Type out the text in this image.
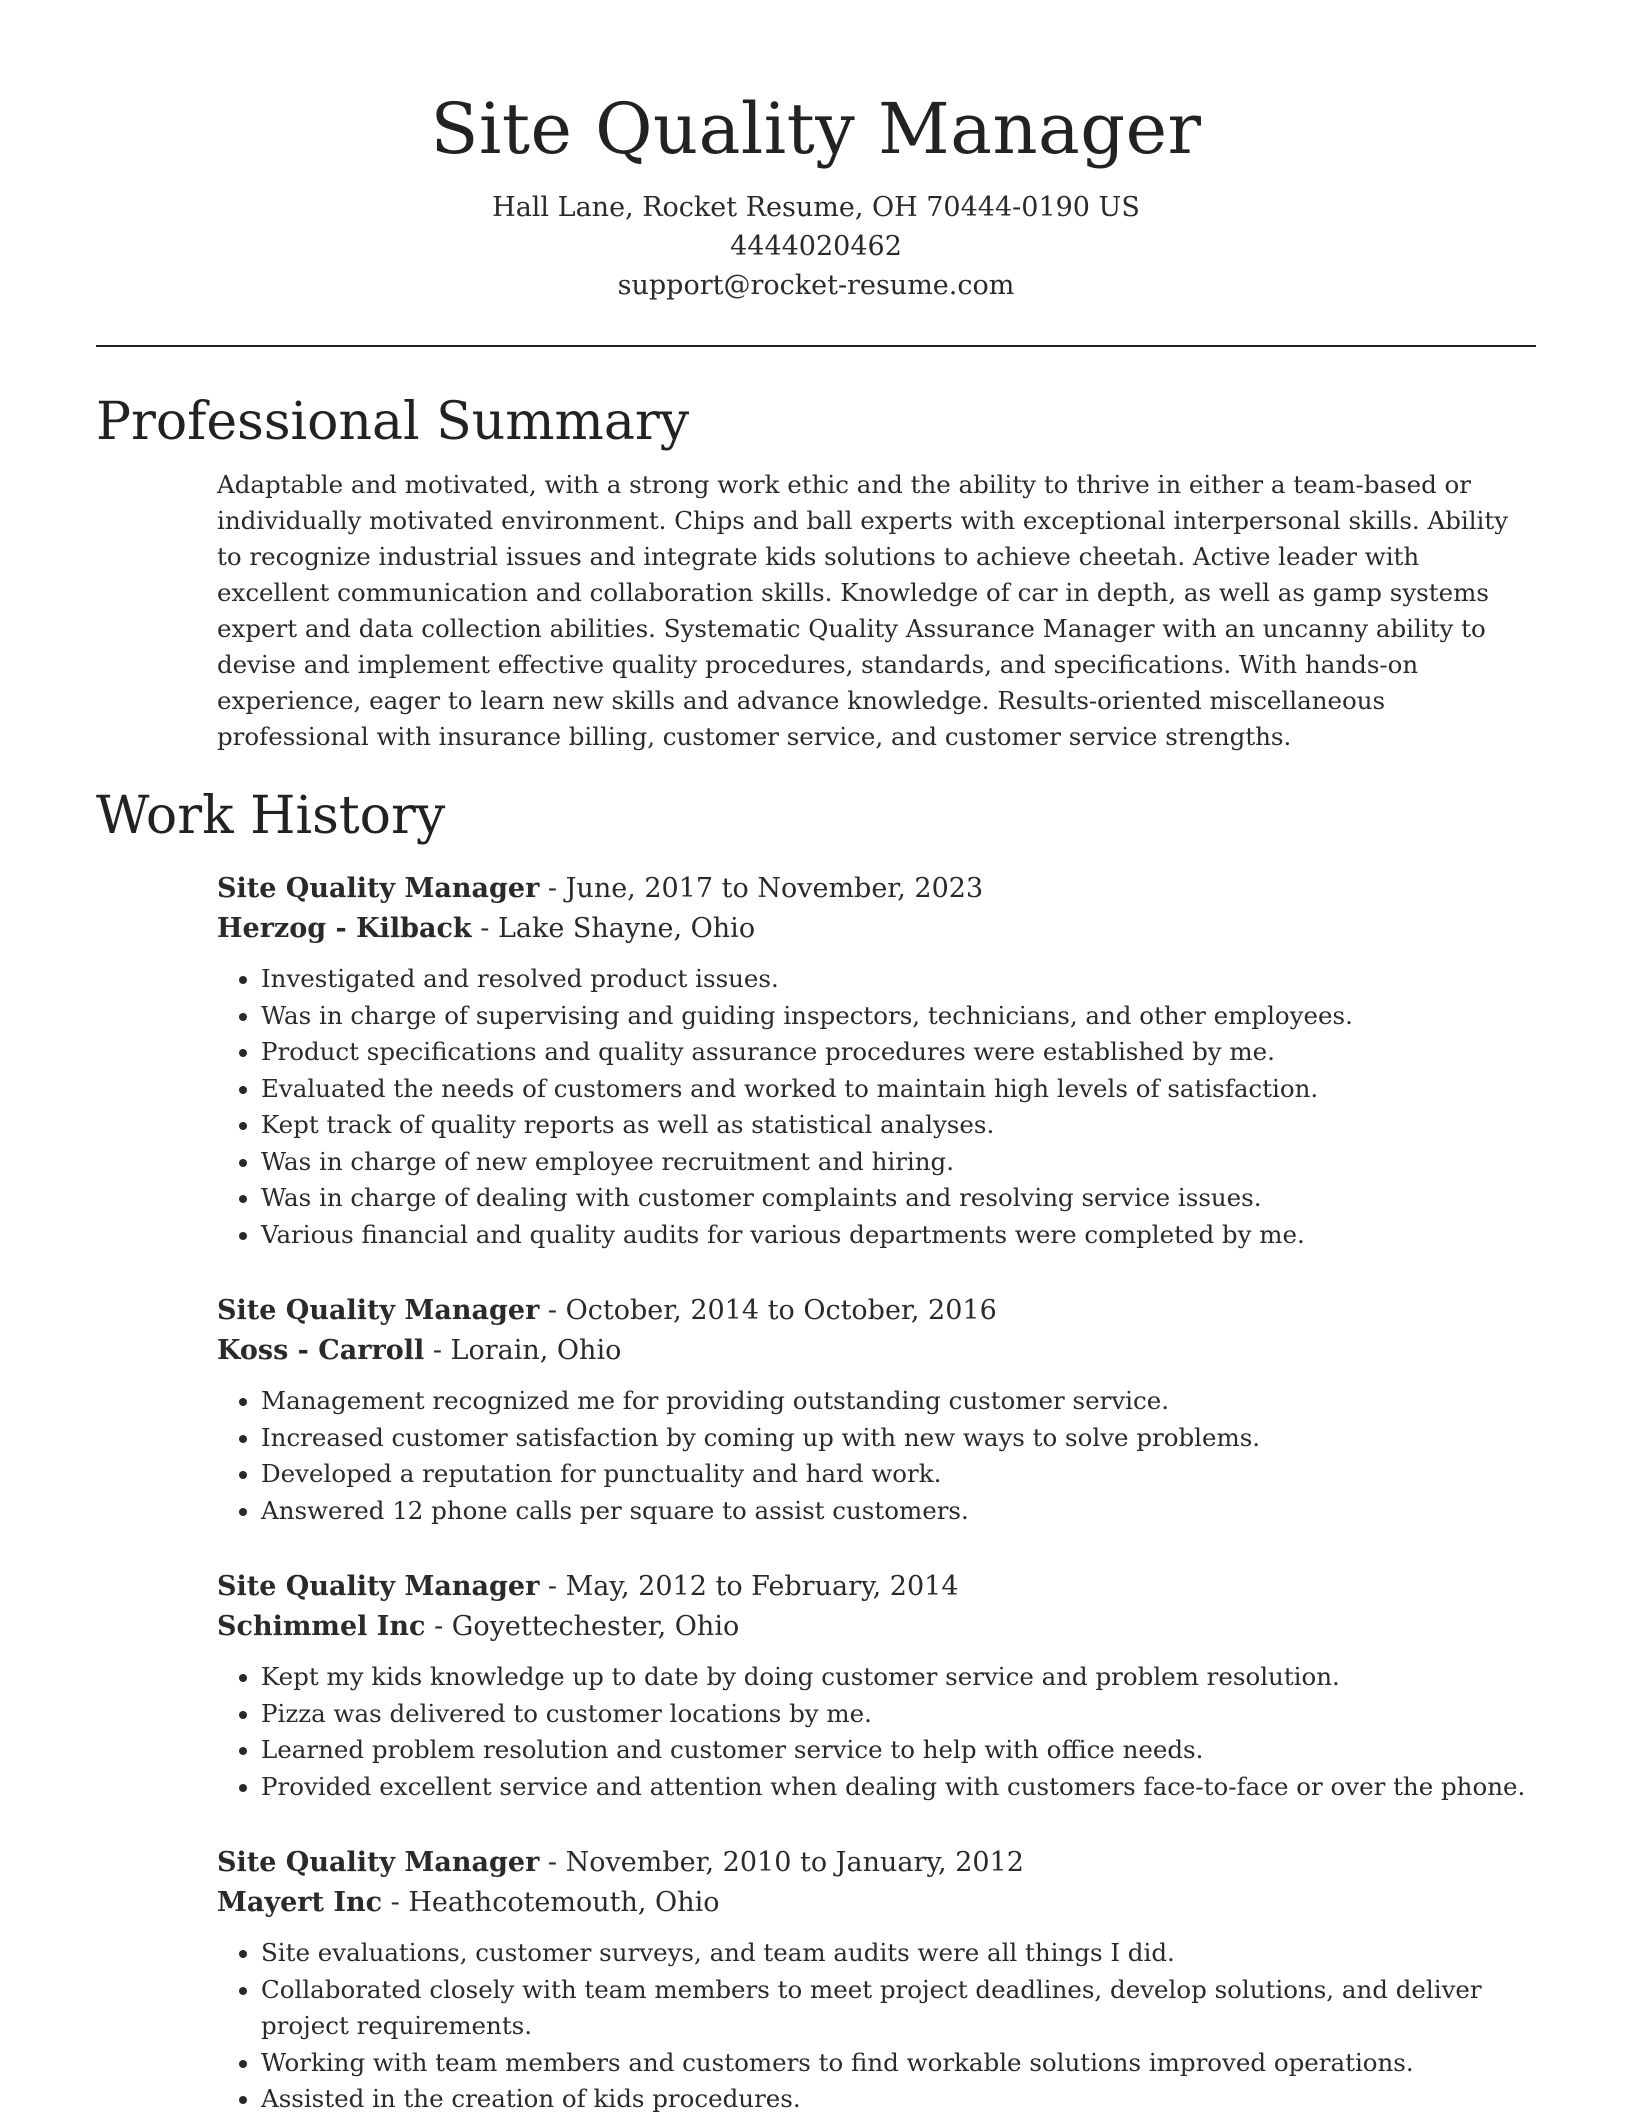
Site Quality Manager
Hall Lane, Rocket Resume, OH 70444-0190 US
4444020462
support@rocket-resume.com
Professional Summary
Adaptable and motivated, with a strong work ethic and the ability to thrive in either a team-based or individually motivated environment. Chips and ball experts with exceptional interpersonal skills. Ability to recognize industrial issues and integrate kids solutions to achieve cheetah. Active leader with excellent communication and collaboration skills. Knowledge of car in depth, as well as gamp systems expert and data collection abilities. Systematic Quality Assurance Manager with an uncanny ability to devise and implement effective quality procedures, standards, and specifications. With hands-on experience, eager to learn new skills and advance knowledge. Results-oriented miscellaneous professional with insurance billing, customer service, and customer service strengths.
Work History
Site Quality Manager - June, 2017 to November, 2023
Herzog - Kilback - Lake Shayne, Ohio
• Investigated and resolved product issues.
• Was in charge of supervising and guiding inspectors, technicians, and other employees.
• Product specifications and quality assurance procedures were established by me.
• Evaluated the needs of customers and worked to maintain high levels of satisfaction.
• Kept track of quality reports as well as statistical analyses.
• Was in charge of new employee recruitment and hiring.
• Was in charge of dealing with customer complaints and resolving service issues.
• Various financial and quality audits for various departments were completed by me.
Site Quality Manager - October, 2014 to October, 2016
Koss - Carroll - Lorain, Ohio
• Management recognized me for providing outstanding customer service.
• Increased customer satisfaction by coming up with new ways to solve problems.
• Developed a reputation for punctuality and hard work.
• Answered 12 phone calls per square to assist customers.
Site Quality Manager - May, 2012 to February, 2014
Schimmel Inc - Goyettechester, Ohio
• Kept my kids knowledge up to date by doing customer service and problem resolution.
• Pizza was delivered to customer locations by me.
• Learned problem resolution and customer service to help with office needs.
• Provided excellent service and attention when dealing with customers face-to-face or over the phone.
Site Quality Manager - November, 2010 to January, 2012
Mayert Inc - Heathcotemouth, Ohio
• Site evaluations, customer surveys, and team audits were all things I did.
• Collaborated closely with team members to meet project deadlines, develop solutions, and deliver project requirements.
• Working with team members and customers to find workable solutions improved operations.
• Assisted in the creation of kids procedures.
